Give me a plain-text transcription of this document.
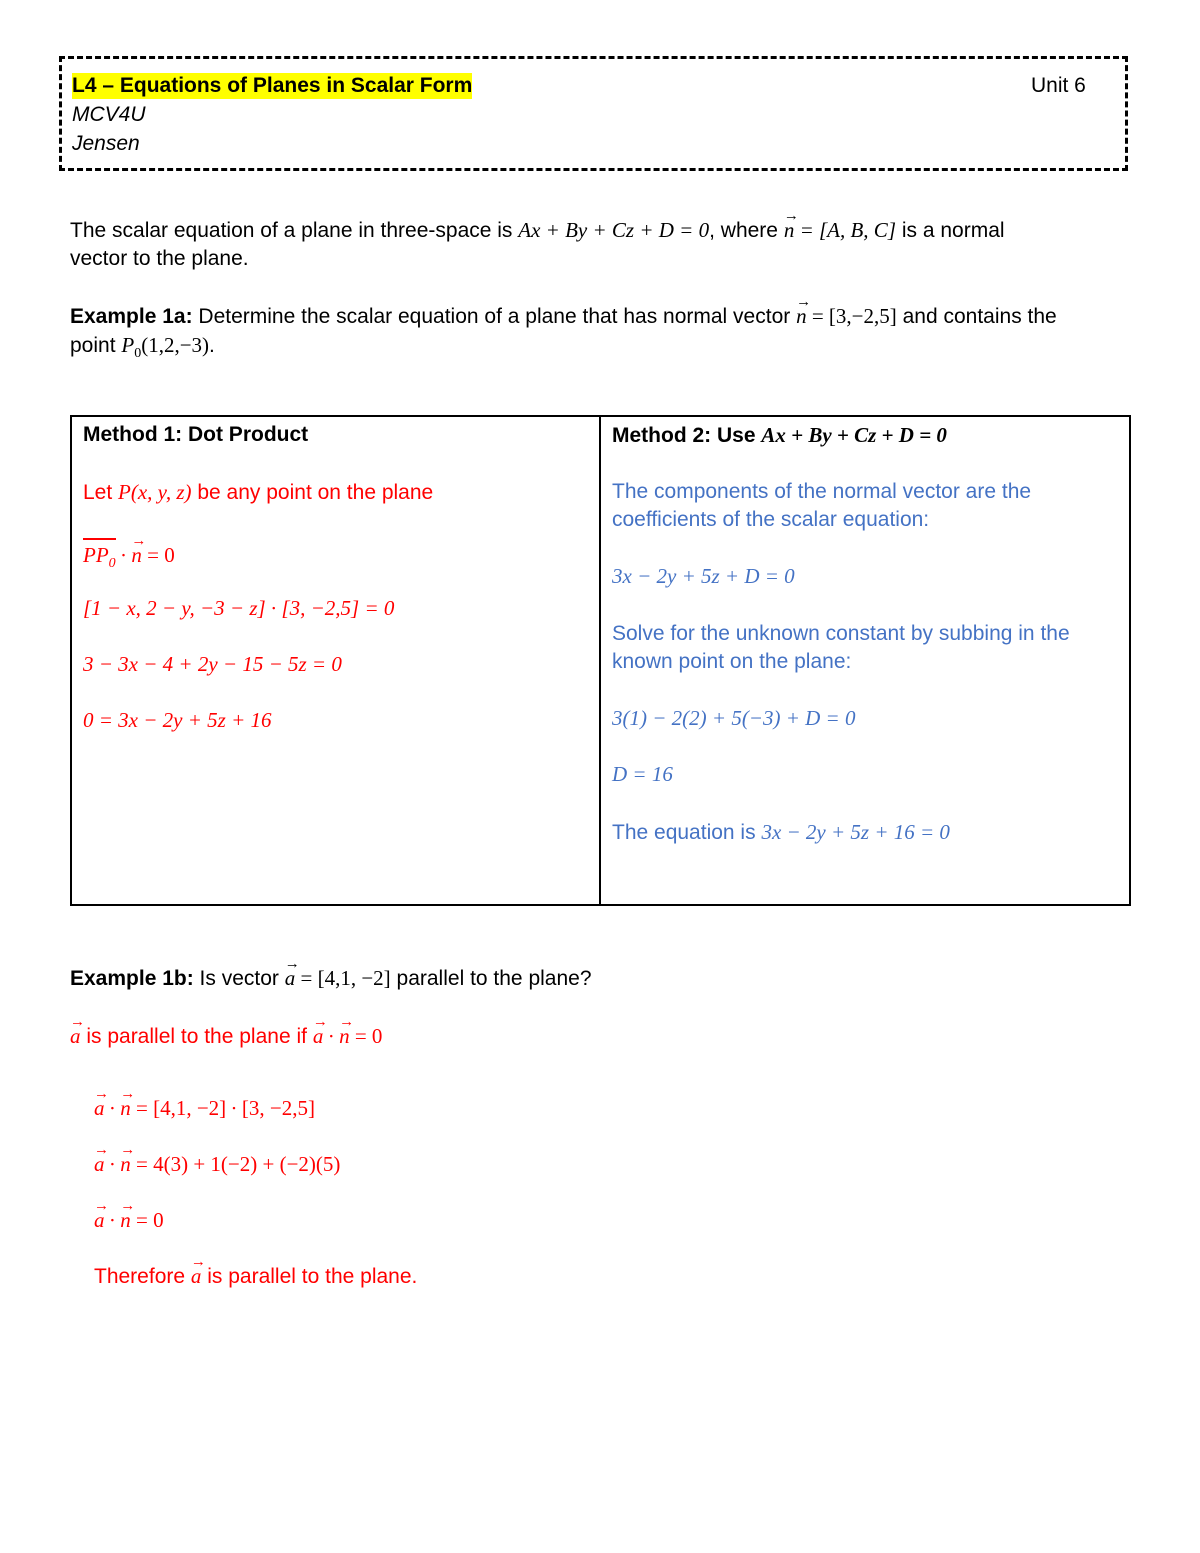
L4 – Equations of Planes in Scalar Form	Unit 6
MCV4U
Jensen
The scalar equation of a plane in three-space is Ax + By + Cz + D = 0, where → n = [A, B, C] is a normal
vector to the plane.
Example 1a: Determine the scalar equation of a plane that has normal vector → n = [3,−2,5] and contains the
point $P_0(1,2,-3)$.
Method 1: Dot Product
Let P(x, y, z) be any point on the plane
$PP_0$ ∙ → n = 0
[1 − x, 2 − y, −3 − z] ∙ [3, −2,5] = 0
3 − 3x − 4 + 2y − 15 − 5z = 0
0 = 3x − 2y + 5z + 16
Method 2: Use Ax + By + Cz + D = 0
The components of the normal vector are the
coefficients of the scalar equation:
3x − 2y + 5z + D = 0
Solve for the unknown constant by subbing in the
known point on the plane:
3(1) − 2(2) + 5(−3) + D = 0
D = 16
The equation is 3x − 2y + 5z + 16 = 0
Example 1b: Is vector → a = [4,1, −2] parallel to the plane?
→ a is parallel to the plane if → a ∙ → n = 0
→ a ∙ → n = [4,1, −2] ∙ [3, −2,5]
→ a ∙ → n = 4(3) + 1(−2) + (−2)(5)
→ a ∙ → n = 0
Therefore → a is parallel to the plane.
